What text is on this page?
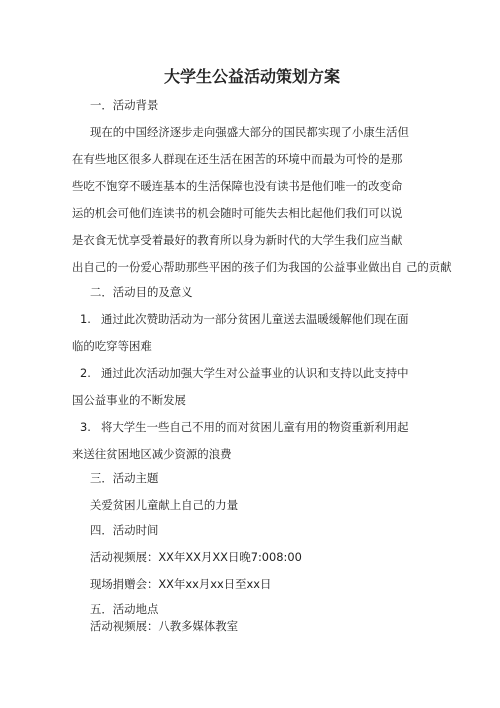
大学生公益活动策划方案
一．活动背景
现在的中国经济逐步走向强盛大部分的国民都实现了小康生活但
在有些地区很多人群现在还生活在困苦的环境中而最为可怜的是那
些吃不饱穿不暖连基本的生活保障也没有读书是他们唯一的改变命
运的机会可他们连读书的机会随时可能失去相比起他们我们可以说
是衣食无忧享受着最好的教育所以身为新时代的大学生我们应当献
出自己的一份爱心帮助那些平困的孩子们为我国的公益事业做出自 己的贡献
二．活动目的及意义
1. 通过此次赞助活动为一部分贫困儿童送去温暖缓解他们现在面
临的吃穿等困难
2. 通过此次活动加强大学生对公益事业的认识和支持以此支持中
国公益事业的不断发展
3. 将大学生一些自己不用的而对贫困儿童有用的物资重新利用起
来送往贫困地区减少资源的浪费
三．活动主题
关爱贫困儿童献上自己的力量
四．活动时间
活动视频展：XX年XX月XX日晚7:008:00
现场捐赠会：XX年xx月xx日至xx日
五．活动地点
活动视频展：八教多媒体教室
